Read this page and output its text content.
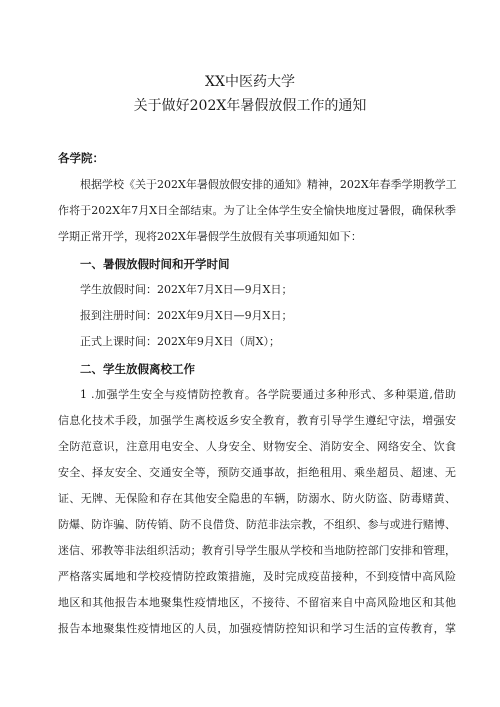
XX中医药大学
关于做好202X年暑假放假工作的通知
各学院：
根据学校《关于202X年暑假放假安排的通知》精神，202X年春季学期教学工
作将于202X年7月X日全部结束。为了让全体学生安全愉快地度过暑假，确保秋季
学期正常开学，现将202X年暑假学生放假有关事项通知如下：
一、暑假放假时间和开学时间
学生放假时间：202X年7月X日—9月X日；
报到注册时间：202X年9月X日—9月X日；
正式上课时间：202X年9月X日（周X）；
二、学生放假离校工作
1 .加强学生安全与疫情防控教育。各学院要通过多种形式、多种渠道,借助
信息化技术手段，加强学生离校返乡安全教育，教育引导学生遵纪守法，增强安
全防范意识，注意用电安全、人身安全、财物安全、消防安全、网络安全、饮食
安全、择友安全、交通安全等，预防交通事故，拒绝租用、乘坐超员、超速、无
证、无牌、无保险和存在其他安全隐患的车辆，防溺水、防火防盗、防毒赌黄、
防爆、防诈骗、防传销、防不良借贷、防范非法宗教，不组织、参与或进行赌博、
迷信、邪教等非法组织活动；教育引导学生服从学校和当地防控部门安排和管理，
严格落实属地和学校疫情防控政策措施，及时完成疫苗接种，不到疫情中高风险
地区和其他报告本地聚集性疫情地区，不接待、不留宿来自中高风险地区和其他
报告本地聚集性疫情地区的人员，加强疫情防控知识和学习生活的宣传教育，掌
